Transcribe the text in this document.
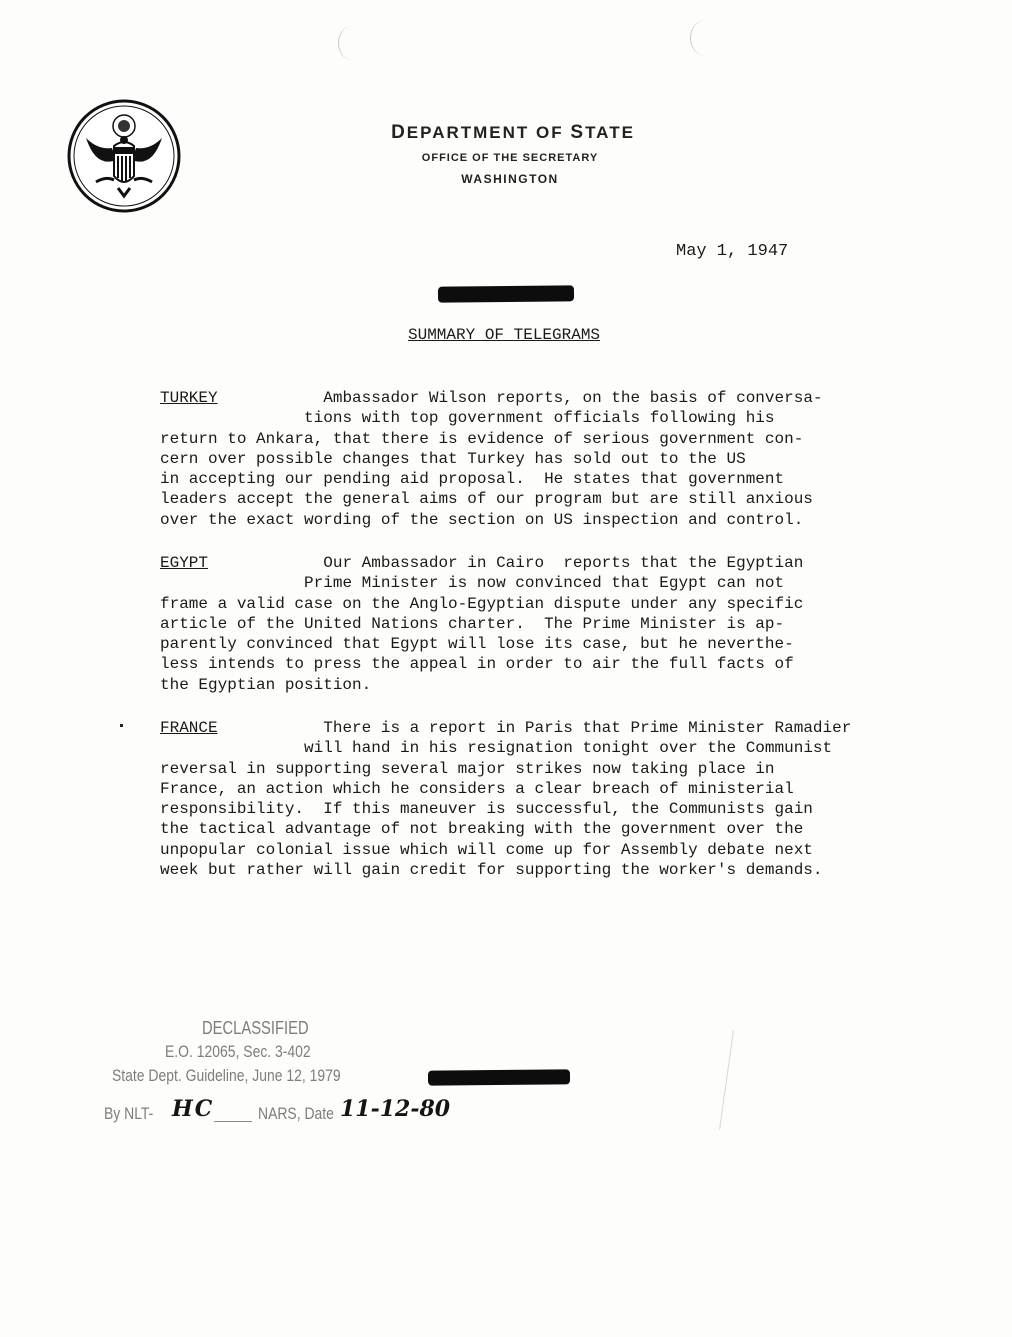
DEPARTMENT OF STATE
OFFICE OF THE SECRETARY
WASHINGTON
May 1, 1947
SUMMARY OF TELEGRAMS

TURKEY	Ambassador Wilson reports, on the basis of conversa-
tions with top government officials following his
return to Ankara, that there is evidence of serious government con-
cern over possible changes that Turkey has sold out to the US
in accepting our pending aid proposal.  He states that government
leaders accept the general aims of our program but are still anxious
over the exact wording of the section on US inspection and control.

EGYPT	Our Ambassador in Cairo  reports that the Egyptian
Prime Minister is now convinced that Egypt can not
frame a valid case on the Anglo-Egyptian dispute under any specific
article of the United Nations charter.  The Prime Minister is ap-
parently convinced that Egypt will lose its case, but he neverthe-
less intends to press the appeal in order to air the full facts of
the Egyptian position.

FRANCE	There is a report in Paris that Prime Minister Ramadier
will hand in his resignation tonight over the Communist
reversal in supporting several major strikes now taking place in
France, an action which he considers a clear breach of ministerial
responsibility.  If this maneuver is successful, the Communists gain
the tactical advantage of not breaking with the government over the
unpopular colonial issue which will come up for Assembly debate next
week but rather will gain credit for supporting the worker's demands.

DECLASSIFIED
E.O. 12065, Sec. 3-402
State Dept. Guideline, June 12, 1979
By NLT- HC	NARS, Date 11-12-80
